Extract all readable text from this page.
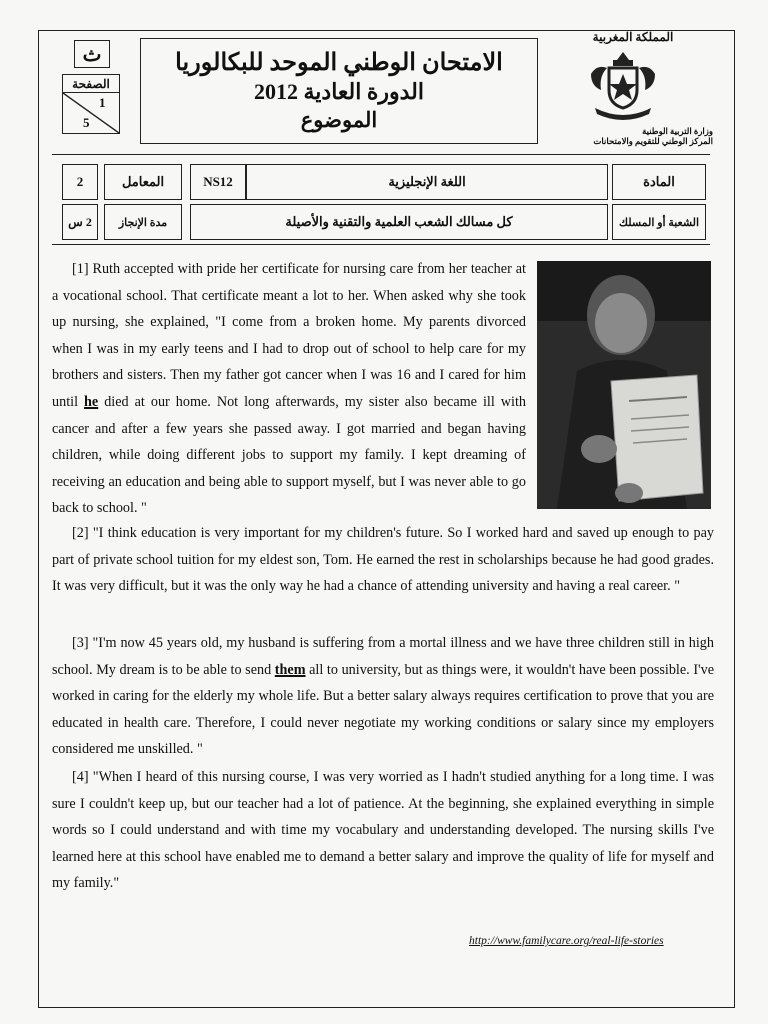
ث
الصفحة
1
5
الامتحان الوطني الموحد للبكالوريا
الدورة العادية 2012
الموضوع
المملكة المغربية
وزارة التربية الوطنية
المركز الوطني للتقويم والامتحانات
2	المعامل	NS12	اللغة الإنجليزية	المادة
2 س	مدة الإنجاز	كل مسالك الشعب العلمية والتقنية والأصيلة	الشعبة أو المسلك
[1] Ruth accepted with pride her certificate for nursing care from her teacher at a vocational school. That certificate meant a lot to her. When asked why she took up nursing, she explained, "I come from a broken home. My parents divorced when I was in my early teens and I had to drop out of school to help care for my brothers and sisters. Then my father got cancer when I was 16 and I cared for him until he died at our home. Not long afterwards, my sister also became ill with cancer and after a few years she passed away. I got married and began having children, while doing different jobs to support my family. I kept dreaming of receiving an education and being able to support myself, but I was never able to go back to school. "
[2] "I think education is very important for my children's future. So I worked hard and saved up enough to pay part of private school tuition for my eldest son, Tom. He earned the rest in scholarships because he had good grades. It was very difficult, but it was the only way he had a chance of attending university and having a real career. "
[3] "I'm now 45 years old, my husband is suffering from a mortal illness and we have three children still in high school. My dream is to be able to send them all to university, but as things were, it wouldn't have been possible. I've worked in caring for the elderly my whole life. But a better salary always requires certification to prove that you are educated in health care. Therefore, I could never negotiate my working conditions or salary since my employers considered me unskilled. "
[4] "When I heard of this nursing course, I was very worried as I hadn't studied anything for a long time. I was sure I couldn't keep up, but our teacher had a lot of patience. At the beginning, she explained everything in simple words so I could understand and with time my vocabulary and understanding developed. The nursing skills I've learned here at this school have enabled me to demand a better salary and improve the quality of life for myself and my family."
http://www.familycare.org/real-life-stories
